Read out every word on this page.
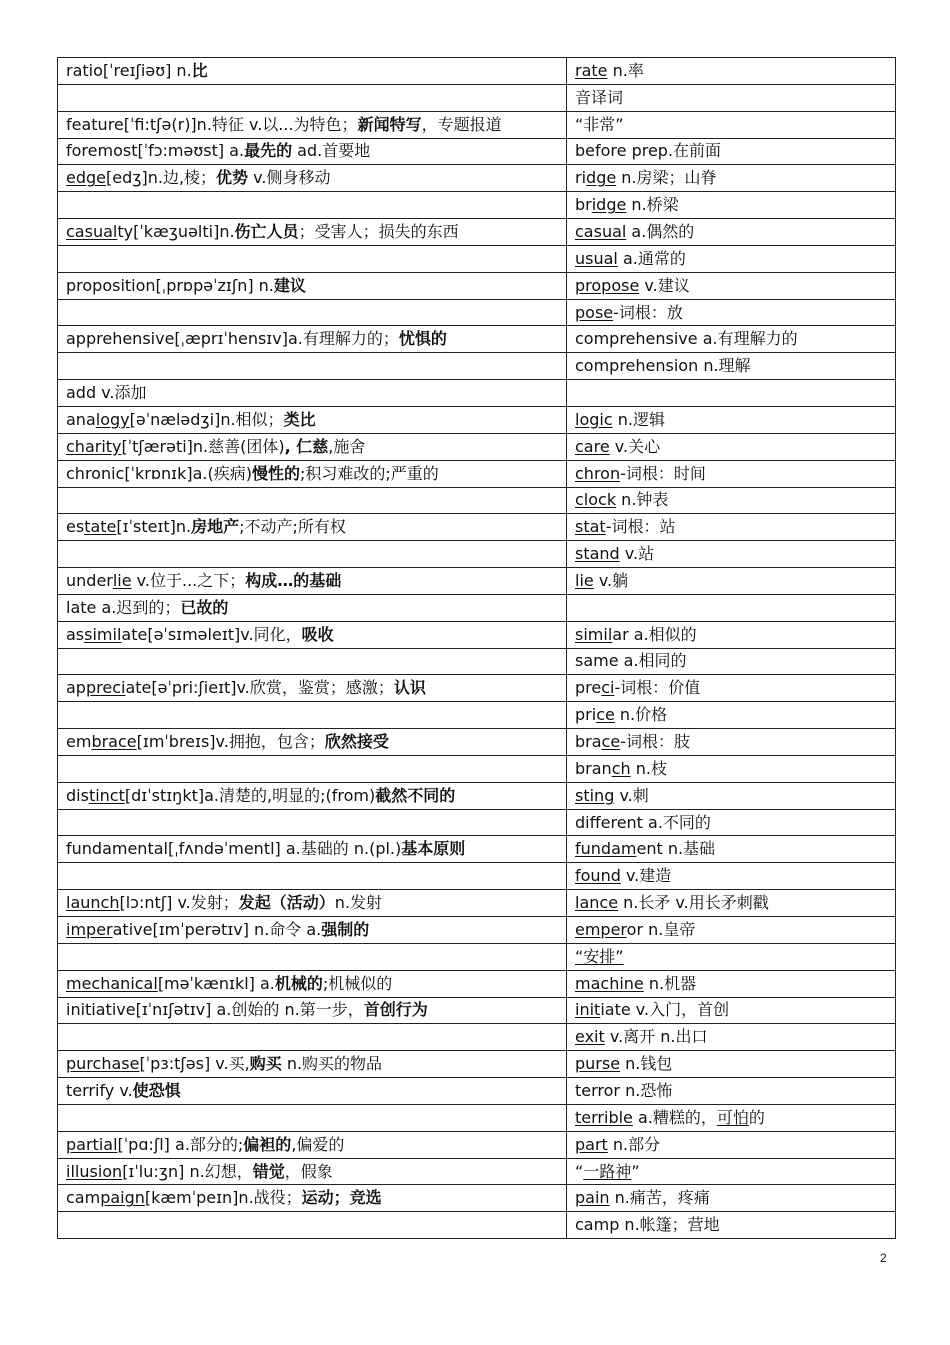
ratio[ˈreɪʃiəʊ] n.比	rate n.率
	音译词
feature[ˈfi:tʃə(r)]n.特征 v.以...为特色；新闻特写，专题报道	“非常”
foremost[ˈfɔ:məʊst] a.最先的 ad.首要地	before prep.在前面
edge[edʒ]n.边,棱；优势 v.侧身移动	ridge n.房梁；山脊
	bridge n.桥梁
casualty[ˈkæʒuəlti]n.伤亡人员；受害人；损失的东西	casual a.偶然的
	usual a.通常的
proposition[ˌprɒpəˈzɪʃn] n.建议	propose v.建议
	pose-词根：放
apprehensive[ˌæprɪˈhensɪv]a.有理解力的；忧惧的	comprehensive a.有理解力的
	comprehension n.理解
add v.添加	
analogy[əˈnælədʒi]n.相似；类比	logic n.逻辑
charity[ˈtʃærəti]n.慈善(团体), 仁慈,施舍	care v.关心
chronic[ˈkrɒnɪk]a.(疾病)慢性的;积习难改的;严重的	chron-词根：时间
	clock n.钟表
estate[ɪˈsteɪt]n.房地产;不动产;所有权	stat-词根：站
	stand v.站
underlie v.位于...之下；构成…的基础	lie v.躺
late a.迟到的；已故的	
assimilate[əˈsɪməleɪt]v.同化，吸收	similar a.相似的
	same a.相同的
appreciate[əˈpri:ʃieɪt]v.欣赏，鉴赏；感激；认识	preci-词根：价值
	price n.价格
embrace[ɪmˈbreɪs]v.拥抱，包含；欣然接受	brace-词根：肢
	branch n.枝
distinct[dɪˈstɪŋkt]a.清楚的,明显的;(from)截然不同的	sting v.刺
	different a.不同的
fundamental[ˌfʌndəˈmentl] a.基础的 n.(pl.)基本原则	fundament n.基础
	found v.建造
launch[lɔ:ntʃ] v.发射；发起（活动）n.发射	lance n.长矛 v.用长矛刺戳
imperative[ɪmˈperətɪv] n.命令 a.强制的	emperor n.皇帝
	“安排”
mechanical[məˈkænɪkl] a.机械的;机械似的	machine n.机器
initiative[ɪˈnɪʃətɪv] a.创始的 n.第一步，首创行为	initiate v.入门，首创
	exit v.离开 n.出口
purchase[ˈpɜ:tʃəs] v.买,购买 n.购买的物品	purse n.钱包
terrify v.使恐惧	terror n.恐怖
	terrible a.糟糕的，可怕的
partial[ˈpɑ:ʃl] a.部分的;偏袒的,偏爱的	part n.部分
illusion[ɪˈlu:ʒn] n.幻想，错觉，假象	“一路神”
campaign[kæmˈpeɪn]n.战役；运动；竞选	pain n.痛苦，疼痛
	camp n.帐篷；营地
2
